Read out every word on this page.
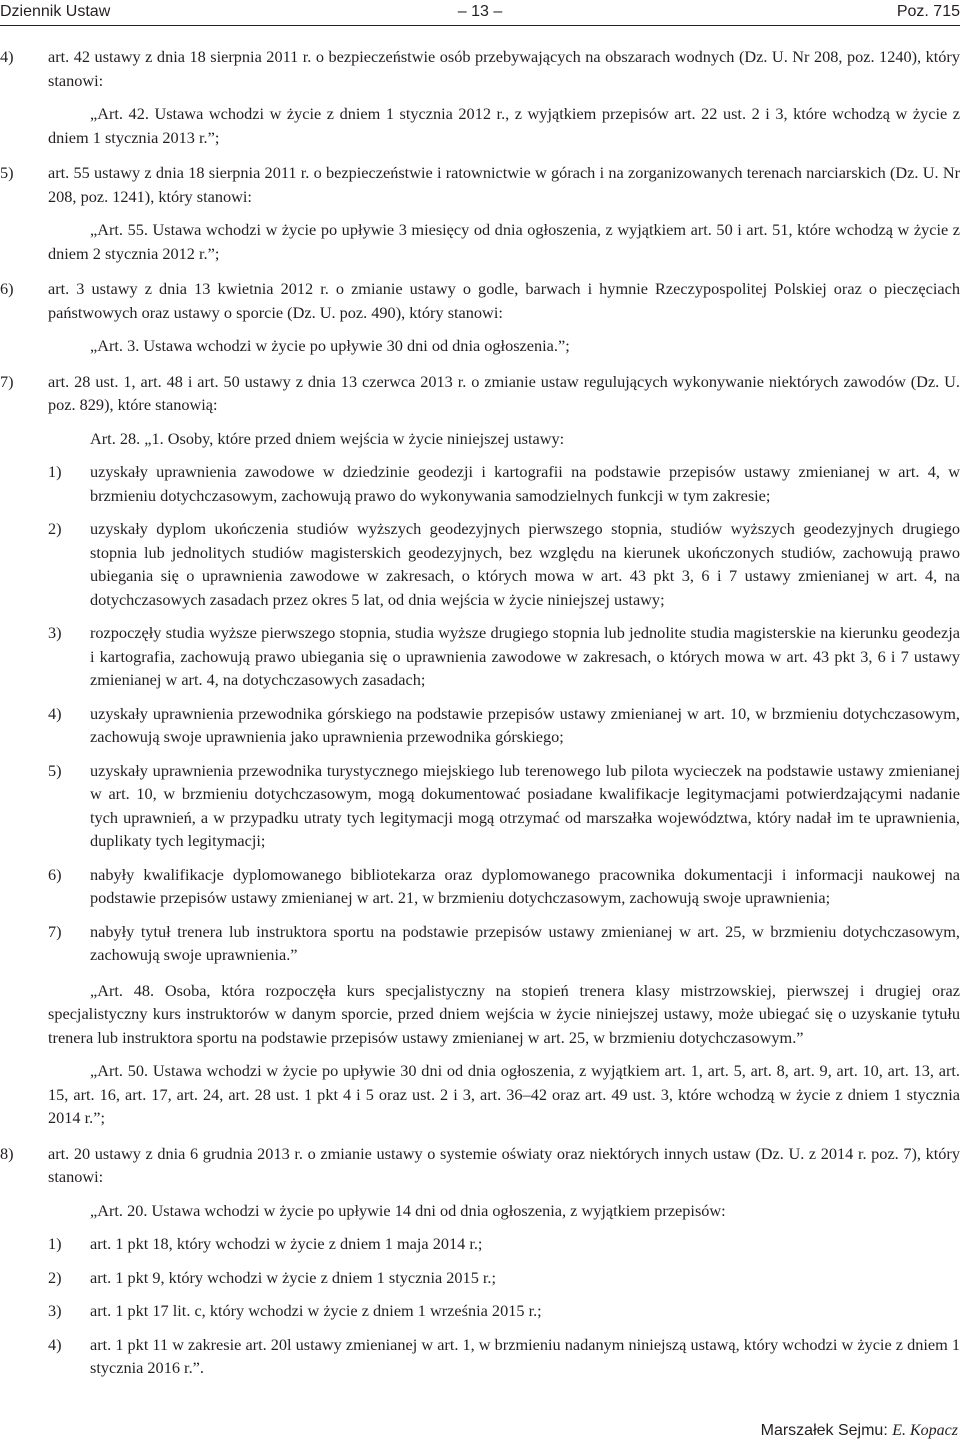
Dziennik Ustaw	– 13 –	Poz. 715

4) art. 42 ustawy z dnia 18 sierpnia 2011 r. o bezpieczeństwie osób przebywających na obszarach wodnych (Dz. U. Nr 208, poz. 1240), który stanowi:

„Art. 42. Ustawa wchodzi w życie z dniem 1 stycznia 2012 r., z wyjątkiem przepisów art. 22 ust. 2 i 3, które wchodzą w życie z dniem 1 stycznia 2013 r.”;

5) art. 55 ustawy z dnia 18 sierpnia 2011 r. o bezpieczeństwie i ratownictwie w górach i na zorganizowanych terenach narciarskich (Dz. U. Nr 208, poz. 1241), który stanowi:

„Art. 55. Ustawa wchodzi w życie po upływie 3 miesięcy od dnia ogłoszenia, z wyjątkiem art. 50 i art. 51, które wchodzą w życie z dniem 2 stycznia 2012 r.”;

6) art. 3 ustawy z dnia 13 kwietnia 2012 r. o zmianie ustawy o godle, barwach i hymnie Rzeczypospolitej Polskiej oraz o pieczęciach państwowych oraz ustawy o sporcie (Dz. U. poz. 490), który stanowi:

„Art. 3. Ustawa wchodzi w życie po upływie 30 dni od dnia ogłoszenia.”;

7) art. 28 ust. 1, art. 48 i art. 50 ustawy z dnia 13 czerwca 2013 r. o zmianie ustaw regulujących wykonywanie niektórych zawodów (Dz. U. poz. 829), które stanowią:

Art. 28. „1. Osoby, które przed dniem wejścia w życie niniejszej ustawy:

1) uzyskały uprawnienia zawodowe w dziedzinie geodezji i kartografii na podstawie przepisów ustawy zmienianej w art. 4, w brzmieniu dotychczasowym, zachowują prawo do wykonywania samodzielnych funkcji w tym zakresie;

2) uzyskały dyplom ukończenia studiów wyższych geodezyjnych pierwszego stopnia, studiów wyższych geodezyjnych drugiego stopnia lub jednolitych studiów magisterskich geodezyjnych, bez względu na kierunek ukończonych studiów, zachowują prawo ubiegania się o uprawnienia zawodowe w zakresach, o których mowa w art. 43 pkt 3, 6 i 7 ustawy zmienianej w art. 4, na dotychczasowych zasadach przez okres 5 lat, od dnia wejścia w życie niniejszej ustawy;

3) rozpoczęły studia wyższe pierwszego stopnia, studia wyższe drugiego stopnia lub jednolite studia magisterskie na kierunku geodezja i kartografia, zachowują prawo ubiegania się o uprawnienia zawodowe w zakresach, o których mowa w art. 43 pkt 3, 6 i 7 ustawy zmienianej w art. 4, na dotychczasowych zasadach;

4) uzyskały uprawnienia przewodnika górskiego na podstawie przepisów ustawy zmienianej w art. 10, w brzmieniu dotychczasowym, zachowują swoje uprawnienia jako uprawnienia przewodnika górskiego;

5) uzyskały uprawnienia przewodnika turystycznego miejskiego lub terenowego lub pilota wycieczek na podstawie ustawy zmienianej w art. 10, w brzmieniu dotychczasowym, mogą dokumentować posiadane kwalifikacje legitymacjami potwierdzającymi nadanie tych uprawnień, a w przypadku utraty tych legitymacji mogą otrzymać od marszałka województwa, który nadał im te uprawnienia, duplikaty tych legitymacji;

6) nabyły kwalifikacje dyplomowanego bibliotekarza oraz dyplomowanego pracownika dokumentacji i informacji naukowej na podstawie przepisów ustawy zmienianej w art. 21, w brzmieniu dotychczasowym, zachowują swoje uprawnienia;

7) nabyły tytuł trenera lub instruktora sportu na podstawie przepisów ustawy zmienianej w art. 25, w brzmieniu dotychczasowym, zachowują swoje uprawnienia.”

„Art. 48. Osoba, która rozpoczęła kurs specjalistyczny na stopień trenera klasy mistrzowskiej, pierwszej i drugiej oraz specjalistyczny kurs instruktorów w danym sporcie, przed dniem wejścia w życie niniejszej ustawy, może ubiegać się o uzyskanie tytułu trenera lub instruktora sportu na podstawie przepisów ustawy zmienianej w art. 25, w brzmieniu dotychczasowym.”

„Art. 50. Ustawa wchodzi w życie po upływie 30 dni od dnia ogłoszenia, z wyjątkiem art. 1, art. 5, art. 8, art. 9, art. 10, art. 13, art. 15, art. 16, art. 17, art. 24, art. 28 ust. 1 pkt 4 i 5 oraz ust. 2 i 3, art. 36–42 oraz art. 49 ust. 3, które wchodzą w życie z dniem 1 stycznia 2014 r.”;

8) art. 20 ustawy z dnia 6 grudnia 2013 r. o zmianie ustawy o systemie oświaty oraz niektórych innych ustaw (Dz. U. z 2014 r. poz. 7), który stanowi:

„Art. 20. Ustawa wchodzi w życie po upływie 14 dni od dnia ogłoszenia, z wyjątkiem przepisów:

1) art. 1 pkt 18, który wchodzi w życie z dniem 1 maja 2014 r.;

2) art. 1 pkt 9, który wchodzi w życie z dniem 1 stycznia 2015 r.;

3) art. 1 pkt 17 lit. c, który wchodzi w życie z dniem 1 września 2015 r.;

4) art. 1 pkt 11 w zakresie art. 20l ustawy zmienianej w art. 1, w brzmieniu nadanym niniejszą ustawą, który wchodzi w życie z dniem 1 stycznia 2016 r.”.

Marszałek Sejmu: E. Kopacz
